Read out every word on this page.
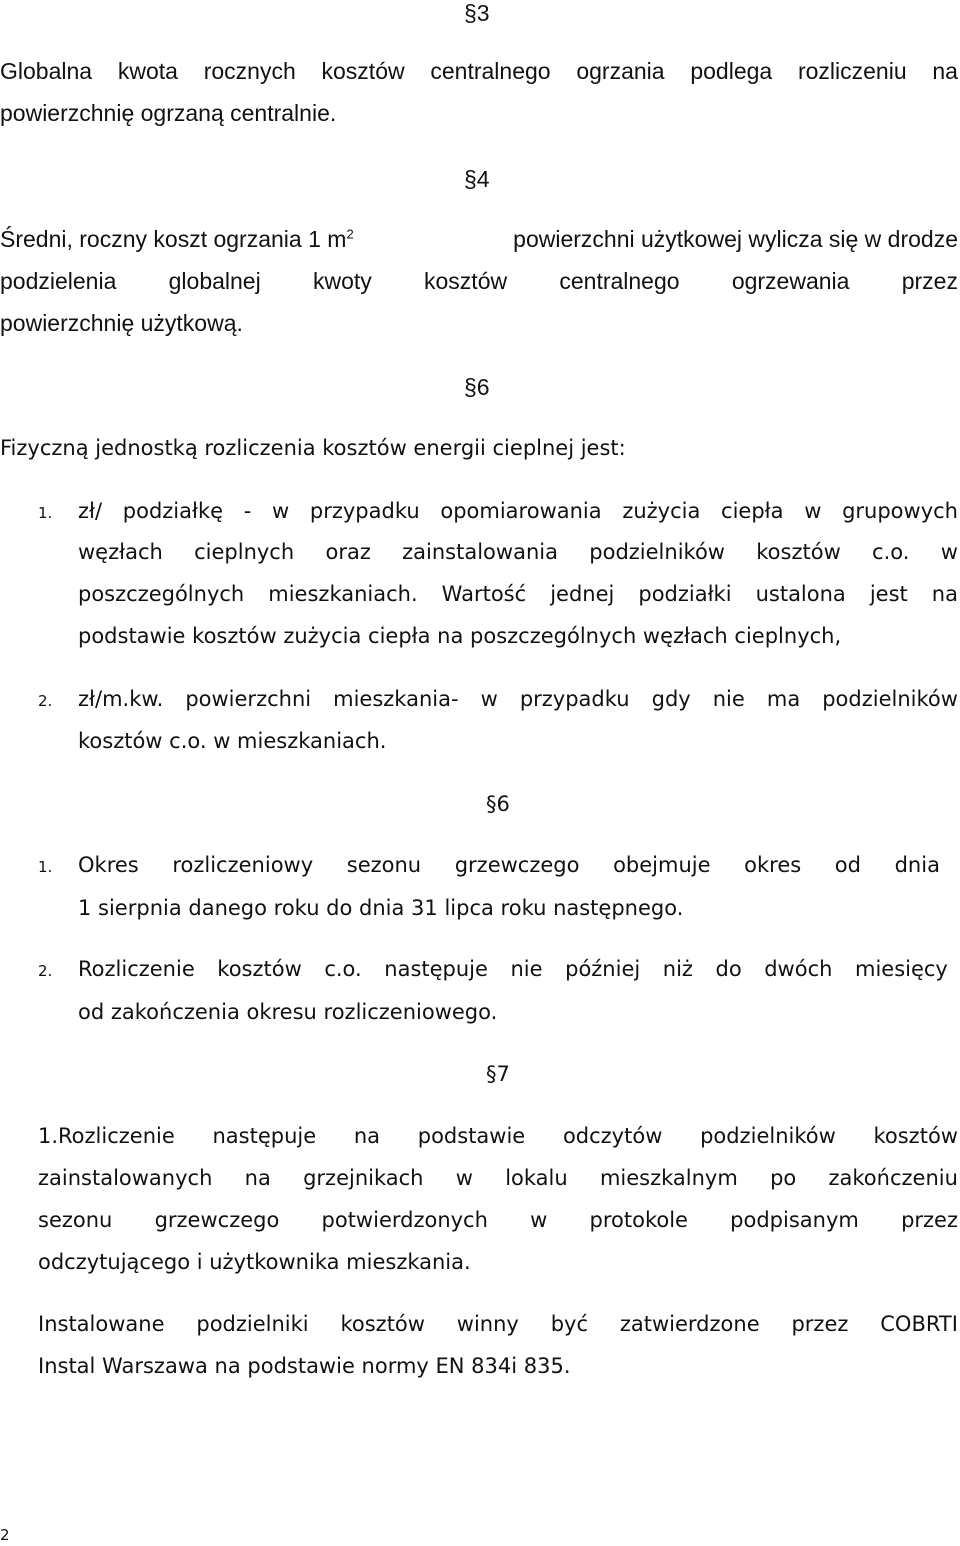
§3
Globalna kwota rocznych kosztów centralnego ogrzania podlega rozliczeniu na
powierzchnię ogrzaną centralnie.
§4
Średni, roczny koszt ogrzania 1 $m^2$	powierzchni użytkowej wylicza się w drodze
podzielenia globalnej kwoty kosztów centralnego ogrzewania przez
powierzchnię użytkową.
§6
Fizyczną jednostką rozliczenia kosztów energii cieplnej jest:
1. zł/ podziałkę - w przypadku opomiarowania zużycia ciepła w grupowych
węzłach cieplnych oraz zainstalowania podzielników kosztów c.o. w
poszczególnych mieszkaniach. Wartość jednej podziałki ustalona jest na
podstawie kosztów zużycia ciepła na poszczególnych węzłach cieplnych,
2. zł/m.kw. powierzchni mieszkania- w przypadku gdy nie ma podzielników
kosztów c.o. w mieszkaniach.
§6
1. Okres rozliczeniowy sezonu grzewczego obejmuje okres od dnia
1 sierpnia danego roku do dnia 31 lipca roku następnego.
2. Rozliczenie kosztów c.o. następuje nie później niż do dwóch miesięcy
od zakończenia okresu rozliczeniowego.
§7
1.Rozliczenie następuje na podstawie odczytów podzielników kosztów
zainstalowanych na grzejnikach w lokalu mieszkalnym po zakończeniu
sezonu grzewczego potwierdzonych w protokole podpisanym przez
odczytującego i użytkownika mieszkania.
Instalowane podzielniki kosztów winny być zatwierdzone przez COBRTI
Instal Warszawa na podstawie normy EN 834i 835.
2
